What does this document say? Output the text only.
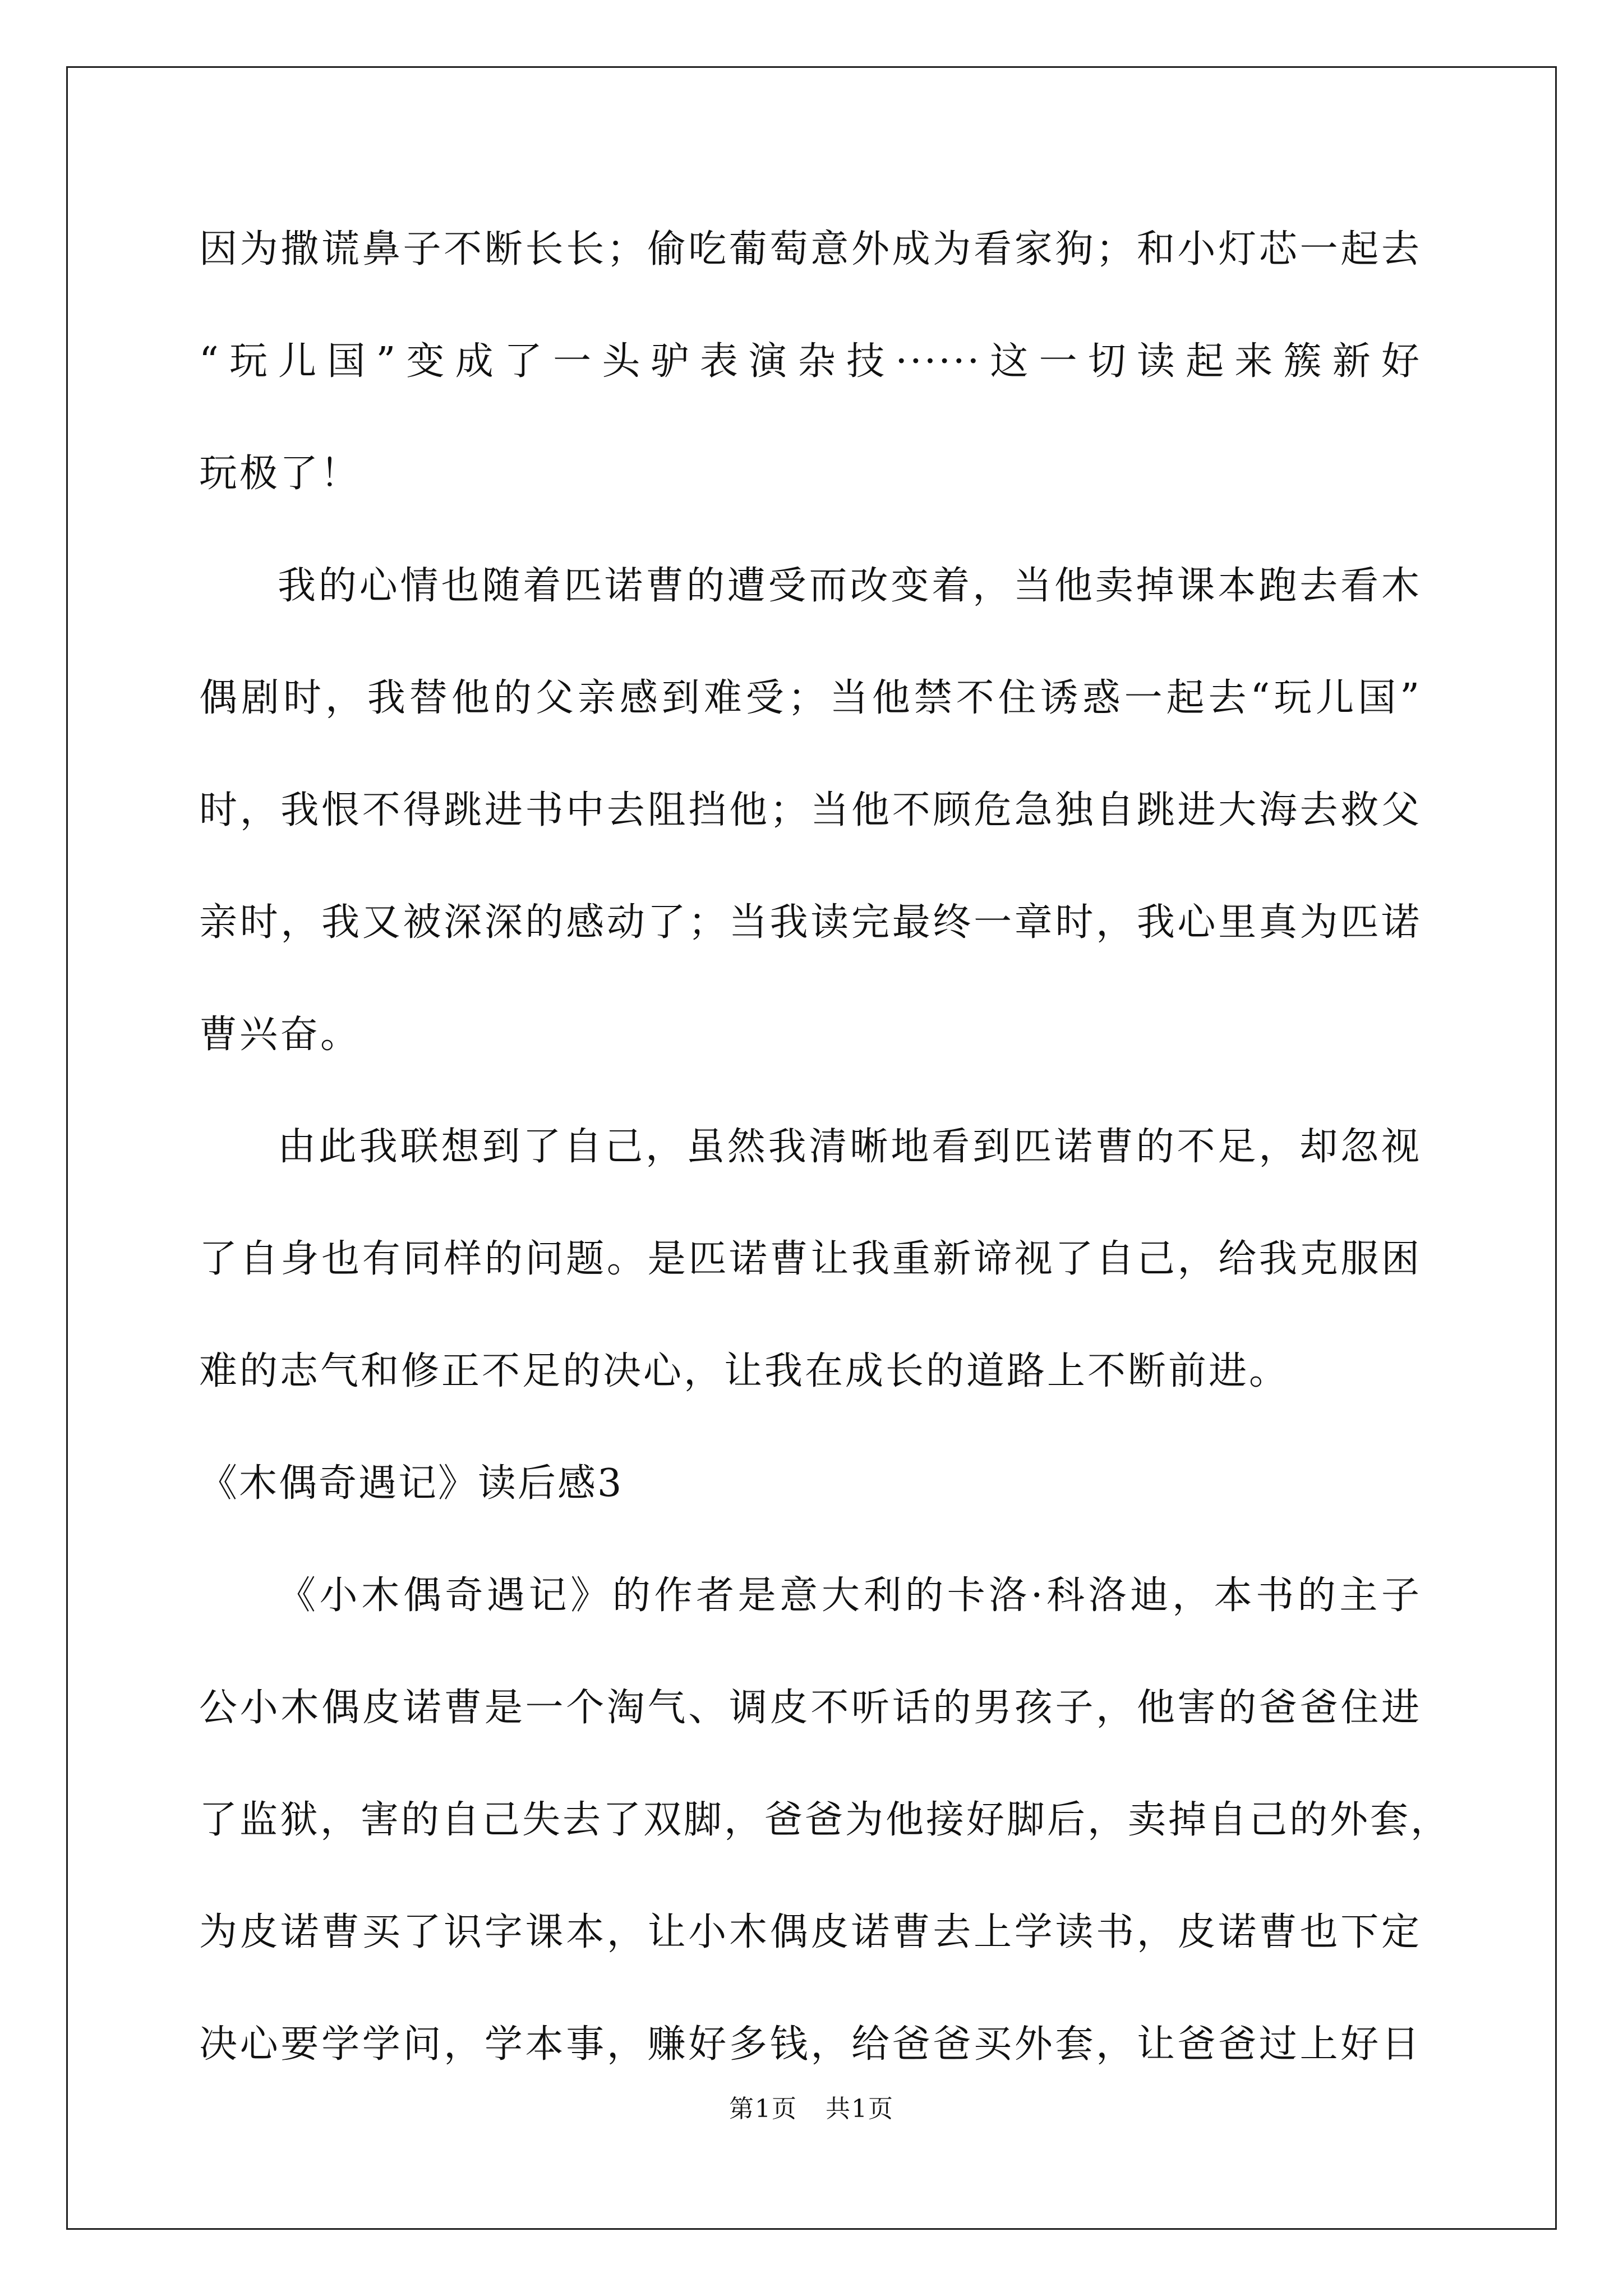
因为撒谎鼻子不断长长；偷吃葡萄意外成为看家狗；和小灯芯一起去
“玩儿国”变成了一头驴表演杂技······这一切读起来簇新好
玩极了！
我的心情也随着匹诺曹的遭受而改变着，当他卖掉课本跑去看木
偶剧时，我替他的父亲感到难受；当他禁不住诱惑一起去“玩儿国”
时，我恨不得跳进书中去阻挡他；当他不顾危急独自跳进大海去救父
亲时，我又被深深的感动了；当我读完最终一章时，我心里真为匹诺
曹兴奋。
由此我联想到了自己，虽然我清晰地看到匹诺曹的不足，却忽视
了自身也有同样的问题。是匹诺曹让我重新谛视了自己，给我克服困
难的志气和修正不足的决心，让我在成长的道路上不断前进。
《木偶奇遇记》读后感3
《小木偶奇遇记》的作者是意大利的卡洛·科洛迪，本书的主子
公小木偶皮诺曹是一个淘气、调皮不听话的男孩子，他害的爸爸住进
了监狱，害的自己失去了双脚，爸爸为他接好脚后，卖掉自己的外套，
为皮诺曹买了识字课本，让小木偶皮诺曹去上学读书，皮诺曹也下定
决心要学学问，学本事，赚好多钱，给爸爸买外套，让爸爸过上好日
第1页 共1页
